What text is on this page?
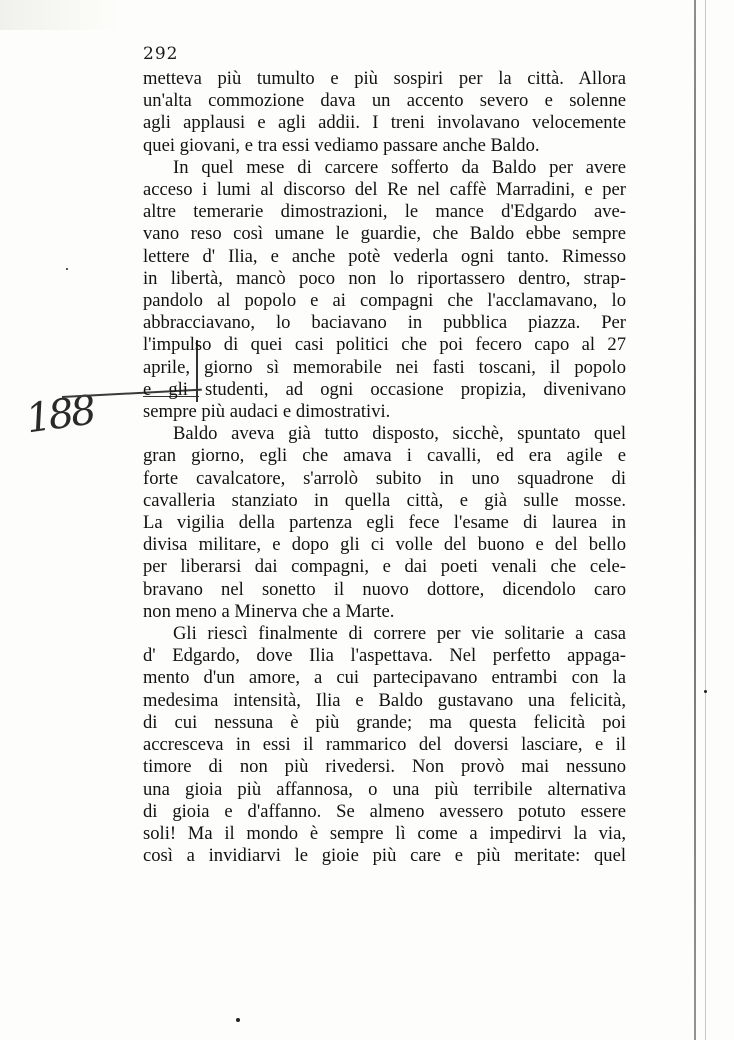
292
188
metteva più tumulto e più sospiri per la città. Allora
un'alta commozione dava un accento severo e solenne
agli applausi e agli addii. I treni involavano velocemente
quei giovani, e tra essi vediamo passare anche Baldo.
In quel mese di carcere sofferto da Baldo per avere
acceso i lumi al discorso del Re nel caffè Marradini, e per
altre temerarie dimostrazioni, le mance d'Edgardo ave-
vano reso così umane le guardie, che Baldo ebbe sempre
lettere d' Ilia, e anche potè vederla ogni tanto. Rimesso
in libertà, mancò poco non lo riportassero dentro, strap-
pandolo al popolo e ai compagni che l'acclamavano, lo
abbracciavano, lo baciavano in pubblica piazza. Per
l'impulso di quei casi politici che poi fecero capo al 27
aprile, giorno sì memorabile nei fasti toscani, il popolo
e gli studenti, ad ogni occasione propizia, divenivano
sempre più audaci e dimostrativi.
Baldo aveva già tutto disposto, sicchè, spuntato quel
gran giorno, egli che amava i cavalli, ed era agile e
forte cavalcatore, s'arrolò subito in uno squadrone di
cavalleria stanziato in quella città, e già sulle mosse.
La vigilia della partenza egli fece l'esame di laurea in
divisa militare, e dopo gli ci volle del buono e del bello
per liberarsi dai compagni, e dai poeti venali che cele-
bravano nel sonetto il nuovo dottore, dicendolo caro
non meno a Minerva che a Marte.
Gli riescì finalmente di correre per vie solitarie a casa
d' Edgardo, dove Ilia l'aspettava. Nel perfetto appaga-
mento d'un amore, a cui partecipavano entrambi con la
medesima intensità, Ilia e Baldo gustavano una felicità,
di cui nessuna è più grande; ma questa felicità poi
accresceva in essi il rammarico del doversi lasciare, e il
timore di non più rivedersi. Non provò mai nessuno
una gioia più affannosa, o una più terribile alternativa
di gioia e d'affanno. Se almeno avessero potuto essere
soli! Ma il mondo è sempre lì come a impedirvi la via,
così a invidiarvi le gioie più care e più meritate: quel
